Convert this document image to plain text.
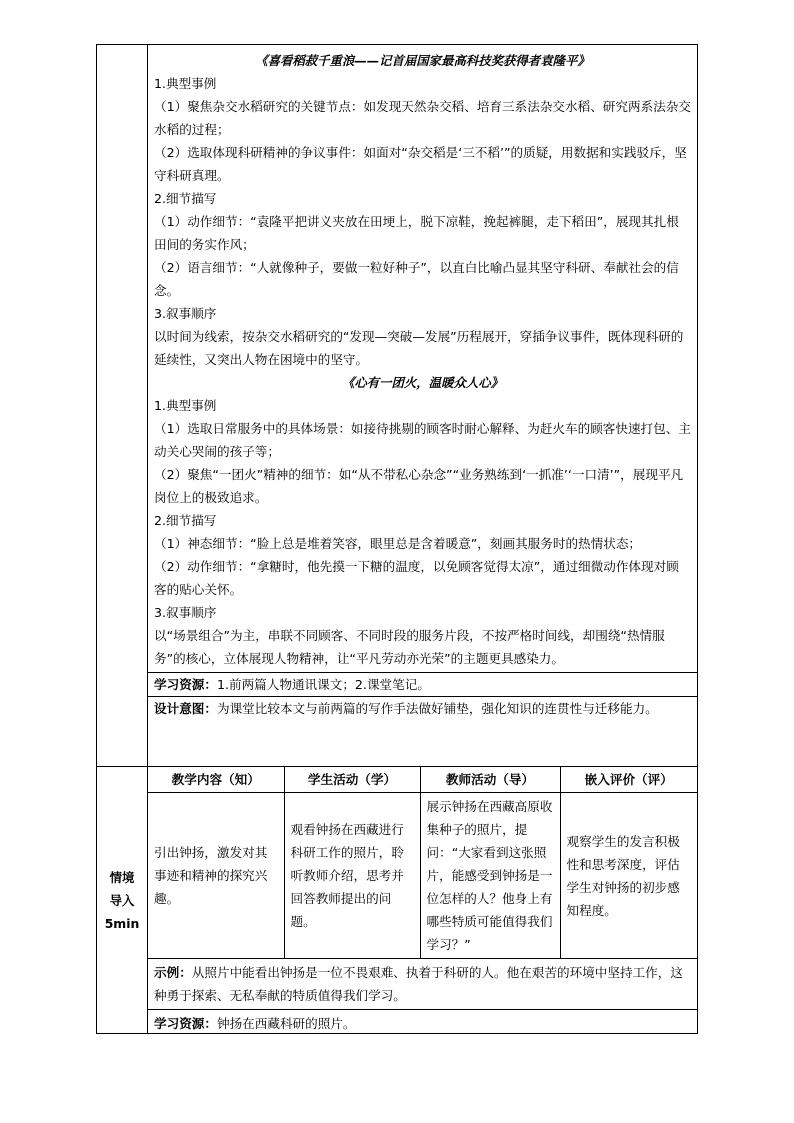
《喜看稻菽千重浪——记首届国家最高科技奖获得者袁隆平》

1.典型事例

（1）聚焦杂交水稻研究的关键节点：如发现天然杂交稻、培育三系法杂交水稻、研究两系法杂交水稻的过程；

（2）选取体现科研精神的争议事件：如面对“杂交稻是‘三不稻’”的质疑，用数据和实践驳斥，坚守科研真理。

2.细节描写

（1）动作细节：“袁隆平把讲义夹放在田埂上，脱下凉鞋，挽起裤腿，走下稻田”，展现其扎根田间的务实作风；

（2）语言细节：“人就像种子，要做一粒好种子”，以直白比喻凸显其坚守科研、奉献社会的信念。

3.叙事顺序

以时间为线索，按杂交水稻研究的“发现—突破—发展”历程展开，穿插争议事件，既体现科研的延续性，又突出人物在困境中的坚守。

《心有一团火，温暖众人心》

1.典型事例

（1）选取日常服务中的具体场景：如接待挑剔的顾客时耐心解释、为赶火车的顾客快速打包、主动关心哭闹的孩子等；

（2）聚焦“一团火”精神的细节：如“从不带私心杂念”“业务熟练到‘一抓准’‘一口清’”，展现平凡岗位上的极致追求。

2.细节描写

（1）神态细节：“脸上总是堆着笑容，眼里总是含着暖意”，刻画其服务时的热情状态；

（2）动作细节：“拿糖时，他先摸一下糖的温度，以免顾客觉得太凉”，通过细微动作体现对顾客的贴心关怀。

3.叙事顺序

以“场景组合”为主，串联不同顾客、不同时段的服务片段，不按严格时间线，却围绕“热情服务”的核心，立体展现人物精神，让“平凡劳动亦光荣”的主题更具感染力。

学习资源：1.前两篇人物通讯课文；2.课堂笔记。
设计意图：为课堂比较本文与前两篇的写作手法做好铺垫，强化知识的连贯性与迁移能力。
情境
导入
5min
教学内容（知）	学生活动（学）	教师活动（导）	嵌入评价（评）
引出钟扬，激发对其事迹和精神的探究兴趣。	观看钟扬在西藏进行科研工作的照片，聆听教师介绍，思考并回答教师提出的问题。	展示钟扬在西藏高原收集种子的照片，提问：“大家看到这张照片，能感受到钟扬是一位怎样的人？他身上有哪些特质可能值得我们学习？”	观察学生的发言积极性和思考深度，评估学生对钟扬的初步感知程度。
示例：从照片中能看出钟扬是一位不畏艰难、执着于科研的人。他在艰苦的环境中坚持工作，这种勇于探索、无私奉献的特质值得我们学习。			
学习资源：钟扬在西藏科研的照片。			
